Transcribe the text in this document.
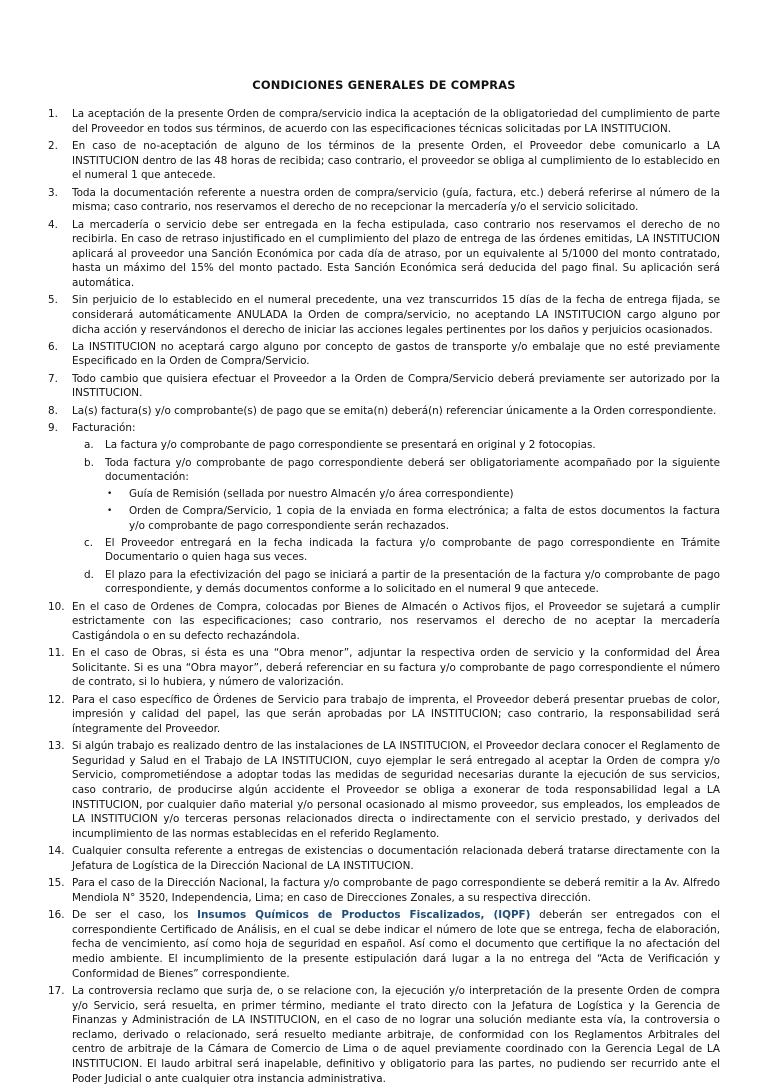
CONDICIONES GENERALES DE COMPRAS
1.	La aceptación de la presente Orden de compra/servicio indica la aceptación de la obligatoriedad del cumplimiento de parte del Proveedor en todos sus términos, de acuerdo con las especificaciones técnicas solicitadas por LA INSTITUCION.
2.	En caso de no-aceptación de alguno de los términos de la presente Orden, el Proveedor debe comunicarlo a LA INSTITUCION dentro de las 48 horas de recibida; caso contrario, el proveedor se obliga al cumplimiento de lo establecido en el numeral 1 que antecede.
3.	Toda la documentación referente a nuestra orden de compra/servicio (guía, factura, etc.) deberá referirse al número de la misma; caso contrario, nos reservamos el derecho de no recepcionar la mercadería y/o el servicio solicitado.
4.	La mercadería o servicio debe ser entregada en la fecha estipulada, caso contrario nos reservamos el derecho de no recibirla. En caso de retraso injustificado en el cumplimiento del plazo de entrega de las órdenes emitidas, LA INSTITUCION aplicará al proveedor una Sanción Económica por cada día de atraso, por un equivalente al 5/1000 del monto contratado, hasta un máximo del 15% del monto pactado. Esta Sanción Económica será deducida del pago final. Su aplicación será automática.
5.	Sin perjuicio de lo establecido en el numeral precedente, una vez transcurridos 15 días de la fecha de entrega fijada, se considerará automáticamente ANULADA la Orden de compra/servicio, no aceptando LA INSTITUCION cargo alguno por dicha acción y reservándonos el derecho de iniciar las acciones legales pertinentes por los daños y perjuicios ocasionados.
6.	La INSTITUCION no aceptará cargo alguno por concepto de gastos de transporte y/o embalaje que no esté previamente Especificado en la Orden de Compra/Servicio.
7.	Todo cambio que quisiera efectuar el Proveedor a la Orden de Compra/Servicio deberá previamente ser autorizado por la INSTITUCION.
8.	La(s) factura(s) y/o comprobante(s) de pago que se emita(n) deberá(n) referenciar únicamente a la Orden correspondiente.
9.	Facturación:
a. La factura y/o comprobante de pago correspondiente se presentará en original y 2 fotocopias.
b. Toda factura y/o comprobante de pago correspondiente deberá ser obligatoriamente acompañado por la siguiente documentación:
•	Guía de Remisión (sellada por nuestro Almacén y/o área correspondiente)
•	Orden de Compra/Servicio, 1 copia de la enviada en forma electrónica; a falta de estos documentos la factura y/o comprobante de pago correspondiente serán rechazados.
c. El Proveedor entregará en la fecha indicada la factura y/o comprobante de pago correspondiente en Trámite Documentario o quien haga sus veces.
d. El plazo para la efectivización del pago se iniciará a partir de la presentación de la factura y/o comprobante de pago correspondiente, y demás documentos conforme a lo solicitado en el numeral 9 que antecede.
10. En el caso de Ordenes de Compra, colocadas por Bienes de Almacén o Activos fijos, el Proveedor se sujetará a cumplir estrictamente con las especificaciones; caso contrario, nos reservamos el derecho de no aceptar la mercadería Castigándola o en su defecto rechazándola.
11. En el caso de Obras, si ésta es una “Obra menor”, adjuntar la respectiva orden de servicio y la conformidad del Área Solicitante. Si es una “Obra mayor”, deberá referenciar en su factura y/o comprobante de pago correspondiente el número de contrato, si lo hubiera, y número de valorización.
12. Para el caso específico de Órdenes de Servicio para trabajo de imprenta, el Proveedor deberá presentar pruebas de color, impresión y calidad del papel, las que serán aprobadas por LA INSTITUCION; caso contrario, la responsabilidad será íntegramente del Proveedor.
13. Si algún trabajo es realizado dentro de las instalaciones de LA INSTITUCION, el Proveedor declara conocer el Reglamento de Seguridad y Salud en el Trabajo de LA INSTITUCION, cuyo ejemplar le será entregado al aceptar la Orden de compra y/o Servicio, comprometiéndose a adoptar todas las medidas de seguridad necesarias durante la ejecución de sus servicios, caso contrario, de producirse algún accidente el Proveedor se obliga a exonerar de toda responsabilidad legal a LA INSTITUCION, por cualquier daño material y/o personal ocasionado al mismo proveedor, sus empleados, los empleados de LA INSTITUCION y/o terceras personas relacionados directa o indirectamente con el servicio prestado, y derivados del incumplimiento de las normas establecidas en el referido Reglamento.
14. Cualquier consulta referente a entregas de existencias o documentación relacionada deberá tratarse directamente con la Jefatura de Logística de la Dirección Nacional de LA INSTITUCION.
15. Para el caso de la Dirección Nacional, la factura y/o comprobante de pago correspondiente se deberá remitir a la Av. Alfredo Mendiola N° 3520, Independencia, Lima; en caso de Direcciones Zonales, a su respectiva dirección.
16. De ser el caso, los Insumos Químicos de Productos Fiscalizados, (IQPF) deberán ser entregados con el correspondiente Certificado de Análisis, en el cual se debe indicar el número de lote que se entrega, fecha de elaboración, fecha de vencimiento, así como hoja de seguridad en español. Así como el documento que certifique la no afectación del medio ambiente. El incumplimiento de la presente estipulación dará lugar a la no entrega del “Acta de Verificación y Conformidad de Bienes” correspondiente.
17. La controversia reclamo que surja de, o se relacione con, la ejecución y/o interpretación de la presente Orden de compra y/o Servicio, será resuelta, en primer término, mediante el trato directo con la Jefatura de Logística y la Gerencia de Finanzas y Administración de LA INSTITUCION, en el caso de no lograr una solución mediante esta vía, la controversia o reclamo, derivado o relacionado, será resuelto mediante arbitraje, de conformidad con los Reglamentos Arbitrales del centro de arbitraje de la Cámara de Comercio de Lima o de aquel previamente coordinado con la Gerencia Legal de LA INSTITUCION. El laudo arbitral será inapelable, definitivo y obligatorio para las partes, no pudiendo ser recurrido ante el Poder Judicial o ante cualquier otra instancia administrativa.
